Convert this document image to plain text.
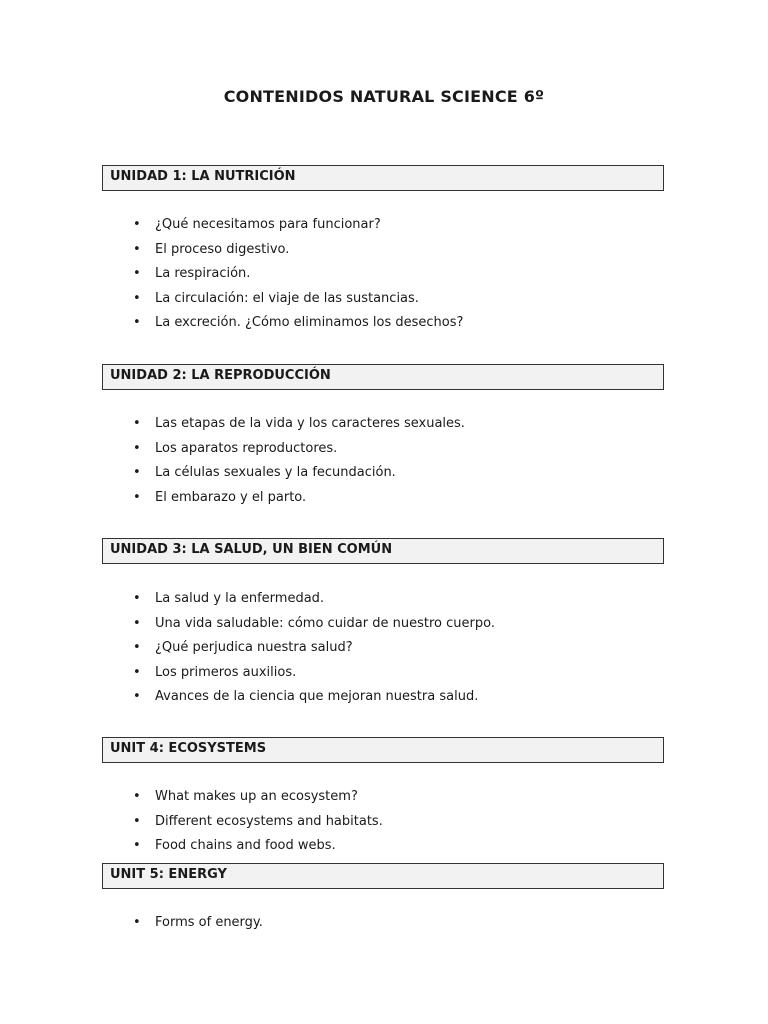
CONTENIDOS NATURAL SCIENCE 6º
UNIDAD 1: LA NUTRICIÓN
• ¿Qué necesitamos para funcionar?
• El proceso digestivo.
• La respiración.
• La circulación: el viaje de las sustancias.
• La excreción. ¿Cómo eliminamos los desechos?
UNIDAD 2: LA REPRODUCCIÓN
• Las etapas de la vida y los caracteres sexuales.
• Los aparatos reproductores.
• La células sexuales y la fecundación.
• El embarazo y el parto.
UNIDAD 3: LA SALUD, UN BIEN COMÚN
• La salud y la enfermedad.
• Una vida saludable: cómo cuidar de nuestro cuerpo.
• ¿Qué perjudica nuestra salud?
• Los primeros auxilios.
• Avances de la ciencia que mejoran nuestra salud.
UNIT 4: ECOSYSTEMS
• What makes up an ecosystem?
• Different ecosystems and habitats.
• Food chains and food webs.
UNIT 5: ENERGY
• Forms of energy.
